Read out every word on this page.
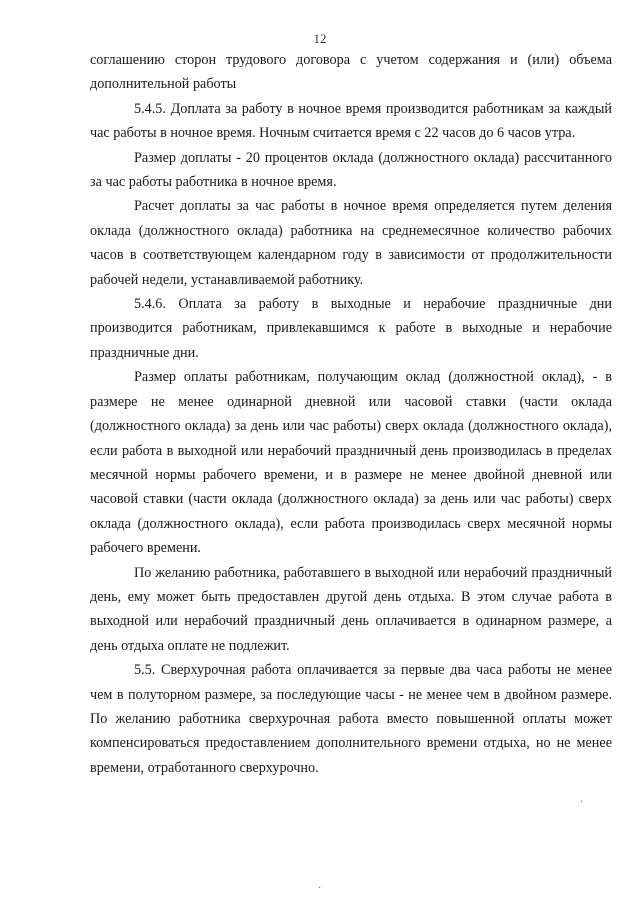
12

соглашению сторон трудового договора с учетом содержания и (или) объема дополнительной работы

5.4.5. Доплата за работу в ночное время производится работникам за каждый час работы в ночное время. Ночным считается время с 22 часов до 6 часов утра.

Размер доплаты - 20 процентов оклада (должностного оклада) рассчитанного за час работы работника в ночное время.

Расчет доплаты за час работы в ночное время определяется путем деления оклада (должностного оклада) работника на среднемесячное количество рабочих часов в соответствующем календарном году в зависимости от продолжительности рабочей недели, устанавливаемой работнику.

5.4.6. Оплата за работу в выходные и нерабочие праздничные дни производится работникам, привлекавшимся к работе в выходные и нерабочие праздничные дни.

Размер оплаты работникам, получающим оклад (должностной оклад), - в размере не менее одинарной дневной или часовой ставки (части оклада (должностного оклада) за день или час работы) сверх оклада (должностного оклада), если работа в выходной или нерабочий праздничный день производилась в пределах месячной нормы рабочего времени, и в размере не менее двойной дневной или часовой ставки (части оклада (должностного оклада) за день или час работы) сверх оклада (должностного оклада), если работа производилась сверх месячной нормы рабочего времени.

По желанию работника, работавшего в выходной или нерабочий праздничный день, ему может быть предоставлен другой день отдыха. В этом случае работа в выходной или нерабочий праздничный день оплачивается в одинарном размере, а день отдыха оплате не подлежит.

5.5. Сверхурочная работа оплачивается за первые два часа работы не менее чем в полуторном размере, за последующие часы - не менее чем в двойном размере. По желанию работника сверхурочная работа вместо повышенной оплаты может компенсироваться предоставлением дополнительного времени отдыха, но не менее времени, отработанного сверхурочно.

·
·
